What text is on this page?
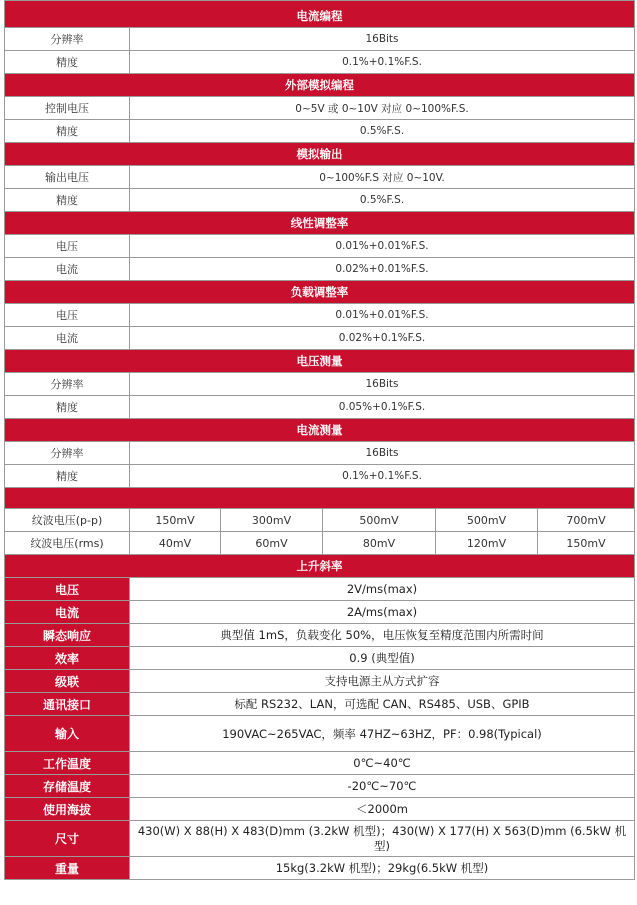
电流编程					
分辨率	16Bits				
精度	0.1%+0.1%F.S.				
外部模拟编程					
控制电压	0~5V 或 0~10V 对应 0~100%F.S.				
精度	0.5%F.S.				
模拟输出					
输出电压	0~100%F.S 对应 0~10V.				
精度	0.5%F.S.				
线性调整率					
电压	0.01%+0.01%F.S.				
电流	0.02%+0.01%F.S.				
负载调整率					
电压	0.01%+0.01%F.S.				
电流	0.02%+0.1%F.S.				
电压测量					
分辨率	16Bits				
精度	0.05%+0.1%F.S.				
电流测量					
分辨率	16Bits				
精度	0.1%+0.1%F.S.				

纹波电压(p-p)	150mV	300mV	500mV	500mV	700mV
纹波电压(rms)	40mV	60mV	80mV	120mV	150mV
上升斜率					
电压	2V/ms(max)				
电流	2A/ms(max)				
瞬态响应	典型值 1mS，负载变化 50%，电压恢复至精度范围内所需时间				
效率	0.9 (典型值)				
级联	支持电源主从方式扩容				
通讯接口	标配 RS232、LAN，可选配 CAN、RS485、USB、GPIB				
输入	190VAC~265VAC，频率 47HZ~63HZ，PF：0.98(Typical)				
工作温度	0℃~40℃				
存储温度	-20℃~70℃				
使用海拔	＜2000m				
尺寸	430(W) X 88(H) X 483(D)mm (3.2kW 机型)；430(W) X 177(H) X 563(D)mm (6.5kW 机型)				
重量	15kg(3.2kW 机型)；29kg(6.5kW 机型)				
